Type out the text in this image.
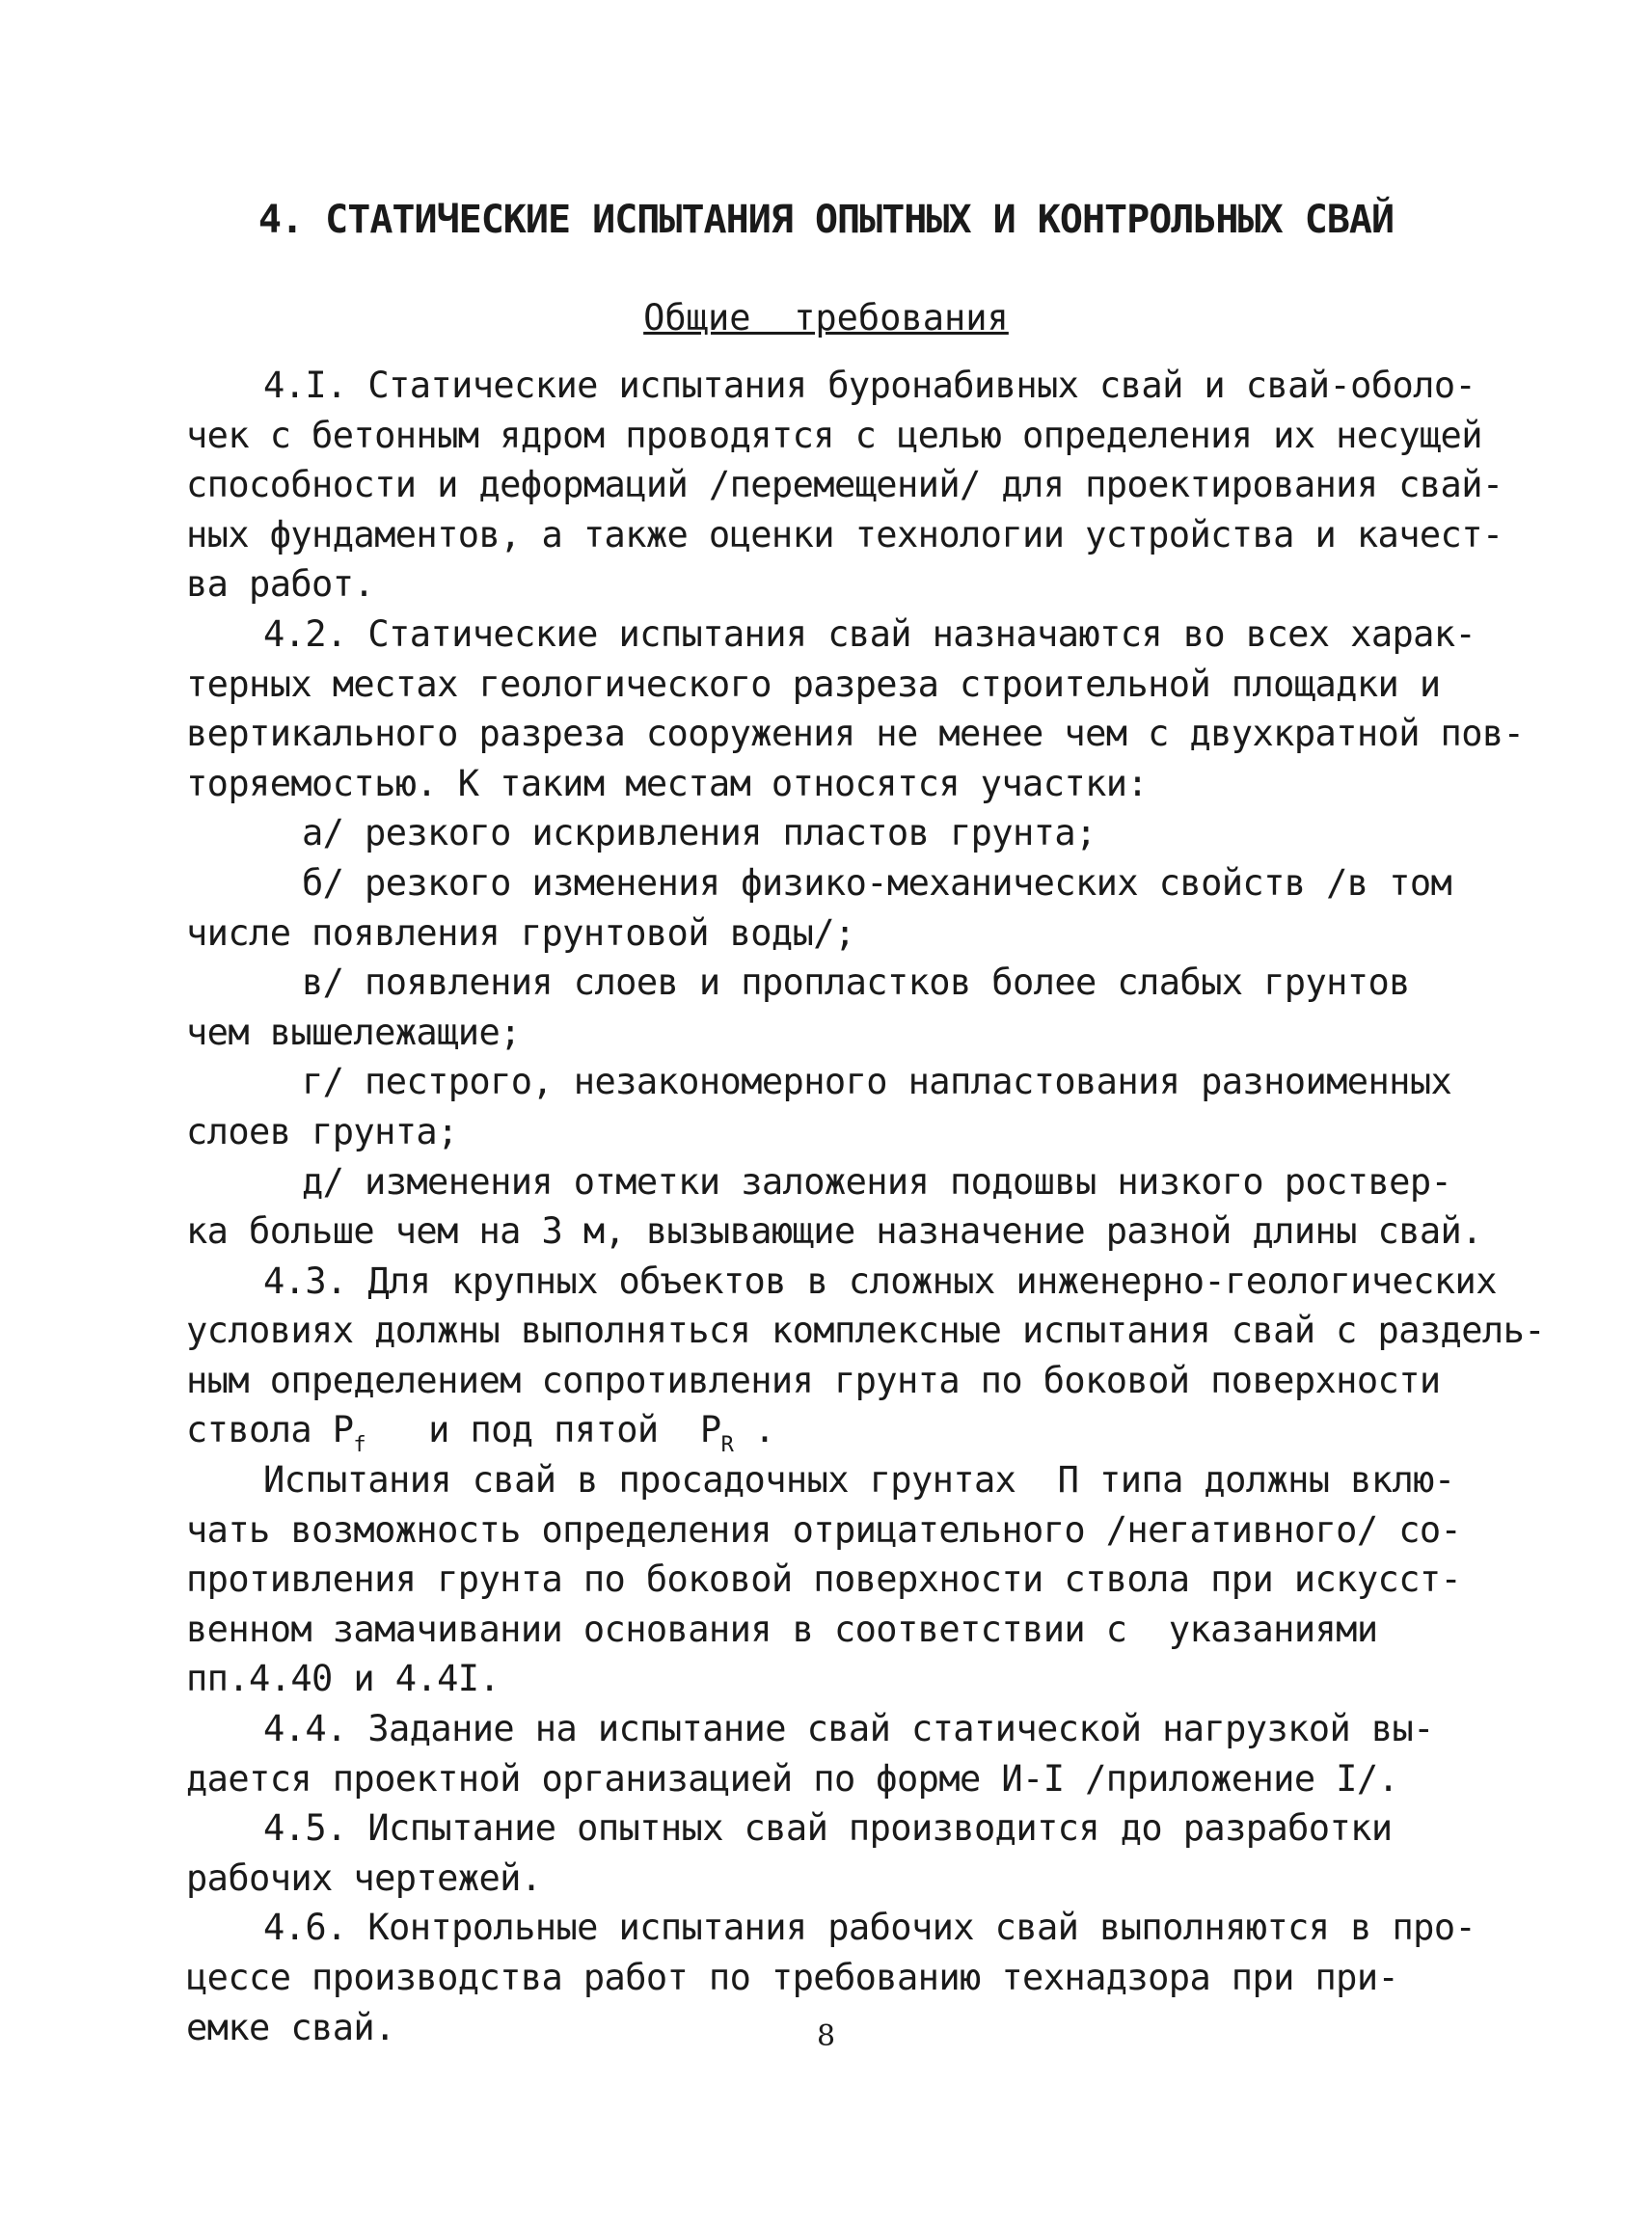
4. СТАТИЧЕСКИЕ ИСПЫТАНИЯ ОПЫТНЫХ И КОНТРОЛЬНЫХ СВАЙ
Общие  требования
4.I. Статические испытания буронабивных свай и свай-оболо-
чек с бетонным ядром проводятся с целью определения их несущей
способности и деформаций /перемещений/ для проектирования свай-
ных фундаментов, а также оценки технологии устройства и качест-
ва работ.
4.2. Статические испытания свай назначаются во всех харак-
терных местах геологического разреза строительной площадки и
вертикального разреза сооружения не менее чем с двухкратной пов-
торяемостью. К таким местам относятся участки:
а/ резкого искривления пластов грунта;
б/ резкого изменения физико-механических свойств /в том
числе появления грунтовой воды/;
в/ появления слоев и пропластков более слабых грунтов
чем вышележащие;
г/ пестрого, незакономерного напластования разноименных
слоев грунта;
д/ изменения отметки заложения подошвы низкого роствер-
ка больше чем на 3 м, вызывающие назначение разной длины свай.
4.3. Для крупных объектов в сложных инженерно-геологических
условиях должны выполняться комплексные испытания свай с раздель-
ным определением сопротивления грунта по боковой поверхности
ствола $P_f$   и под пятой  $P_R$ .
Испытания свай в просадочных грунтах  П типа должны вклю-
чать возможность определения отрицательного /негативного/ со-
противления грунта по боковой поверхности ствола при искусст-
венном замачивании основания в соответствии с  указаниями
пп.4.40 и 4.4I.
4.4. Задание на испытание свай статической нагрузкой вы-
дается проектной организацией по форме И-I /приложение I/.
4.5. Испытание опытных свай производится до разработки
рабочих чертежей.
4.6. Контрольные испытания рабочих свай выполняются в про-
цессе производства работ по требованию технадзора при при-
емке свай.	8
